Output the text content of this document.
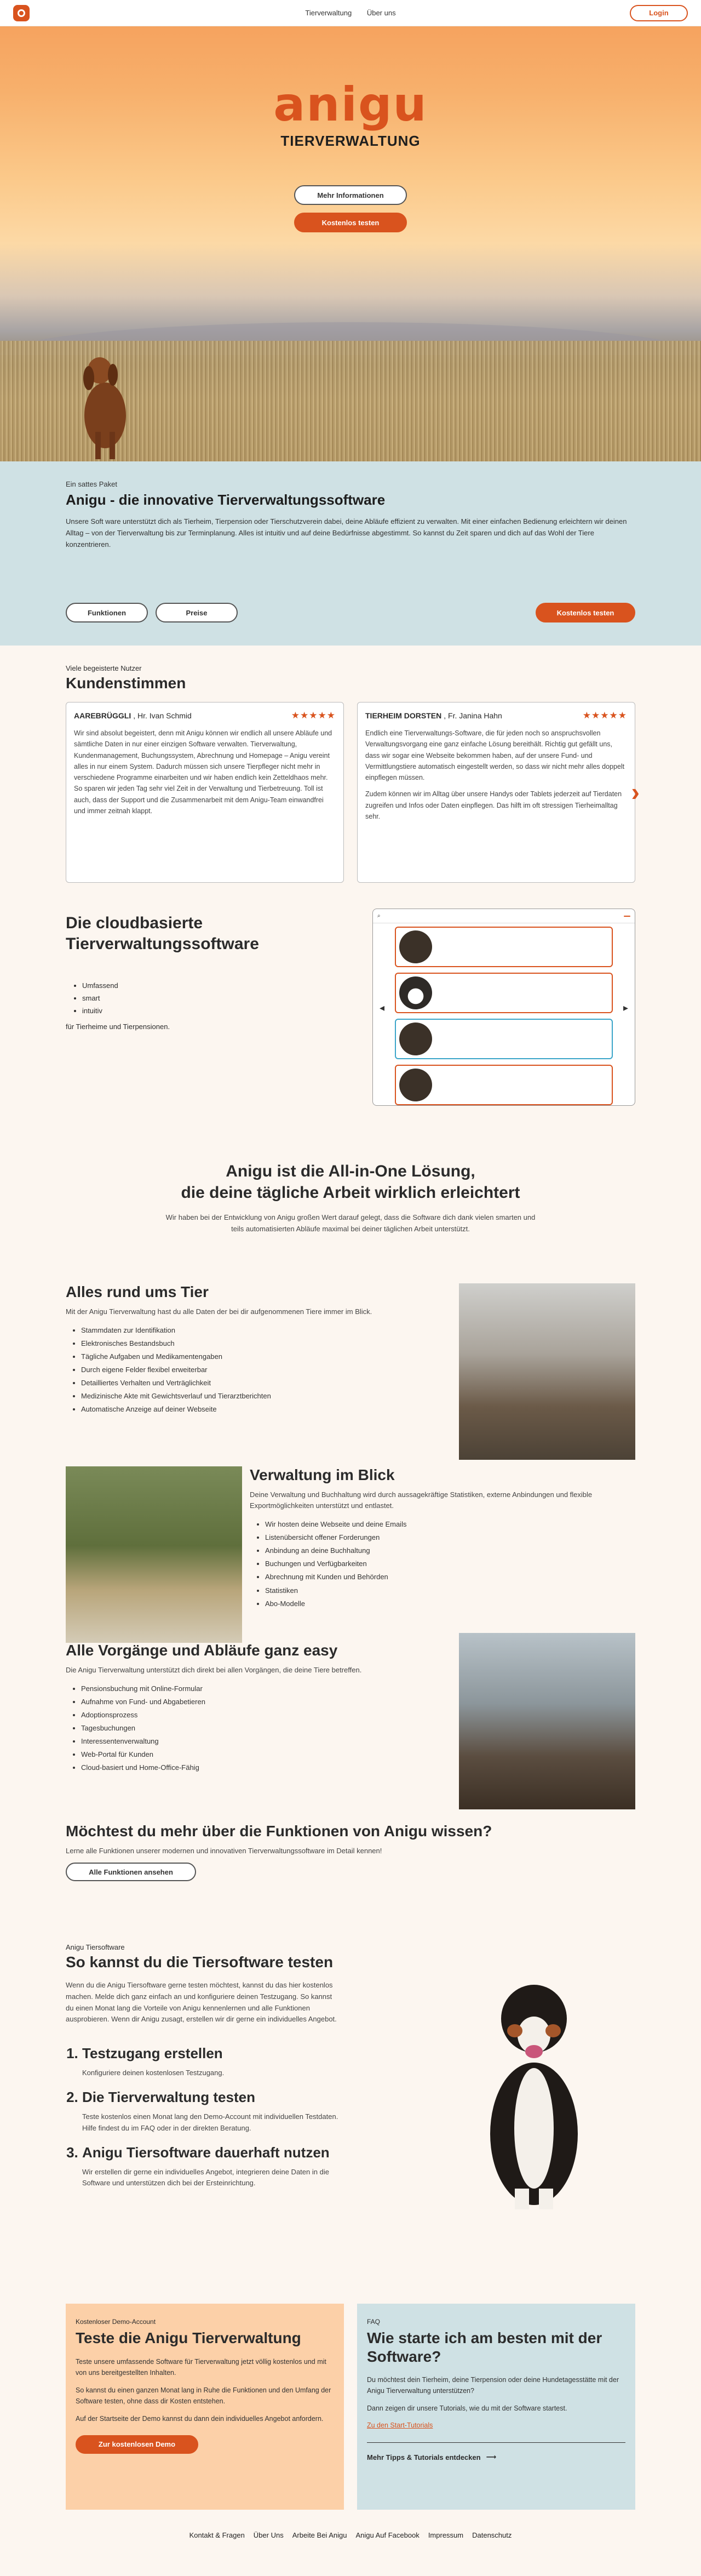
Tierverwaltung Über uns	Login
anigu
TIERVERWALTUNG
Mehr Informationen
Kostenlos testen
Ein sattes Paket
Anigu - die innovative Tierverwaltungssoftware

Unsere Soft ware unterstützt dich als Tierheim, Tierpension oder Tierschutzverein dabei, deine Abläufe effizient zu verwalten. Mit einer einfachen Bedienung erleichtern wir deinen Alltag – von der Tierverwaltung bis zur Terminplanung. Alles ist intuitiv und auf deine Bedürfnisse abgestimmt. So kannst du Zeit sparen und dich auf das Wohl der Tiere konzentrieren.

Funktionen	Preise	Kostenlos testen
Viele begeisterte Nutzer
Kundenstimmen
AAREBRÜGGLI , Hr. Ivan Schmid	★★★★★

Wir sind absolut begeistert, denn mit Anigu können wir endlich all unsere Abläufe und sämtliche Daten in nur einer einzigen Software verwalten. Tierverwaltung, Kundenmanagement, Buchungssystem, Abrechnung und Homepage – Anigu vereint alles in nur einem System. Dadurch müssen sich unsere Tierpfleger nicht mehr in verschiedene Programme einarbeiten und wir haben endlich kein Zetteldhaos mehr. So sparen wir jeden Tag sehr viel Zeit in der Verwaltung und Tierbetreuung. Toll ist auch, dass der Support und die Zusammenarbeit mit dem Anigu-Team einwandfrei und immer zeitnah klappt.

TIERHEIM DORSTEN , Fr. Janina Hahn	★★★★★

Endlich eine Tierverwaltungs-Software, die für jeden noch so anspruchsvollen Verwaltungsvorgang eine ganz einfache Lösung bereithält. Richtig gut gefällt uns, dass wir sogar eine Webseite bekommen haben, auf der unsere Fund- und Vermittlungstiere automatisch eingestellt werden, so dass wir nicht mehr alles doppelt einpflegen müssen.

Zudem können wir im Alltag über unsere Handys oder Tablets jederzeit auf Tierdaten zugreifen und Infos oder Daten einpflegen. Das hilft im oft stressigen Tierheimalltag sehr.

›
Die cloudbasierte Tierverwaltungssoftware
• Umfassend
• smart
• intuitiv
für Tierheime und Tierpensionen.
⌕
◂	▸
Anigu ist die All-in-One Lösung,
die deine tägliche Arbeit wirklich erleichtert

Wir haben bei der Entwicklung von Anigu großen Wert darauf gelegt, dass die Software dich dank vielen smarten und teils automatisierten Abläufe maximal bei deiner täglichen Arbeit unterstützt.

Alles rund ums Tier

Mit der Anigu Tierverwaltung hast du alle Daten der bei dir aufgenommenen Tiere immer im Blick.

• Stammdaten zur Identifikation
• Elektronisches Bestandsbuch
• Tägliche Aufgaben und Medikamentengaben
• Durch eigene Felder flexibel erweiterbar
• Detailliertes Verhalten und Verträglichkeit
• Medizinische Akte mit Gewichtsverlauf und Tierarztberichten
• Automatische Anzeige auf deiner Webseite
Verwaltung im Blick

Deine Verwaltung und Buchhaltung wird durch aussagekräftige Statistiken, externe Anbindungen und flexible Exportmöglichkeiten unterstützt und entlastet.

• Wir hosten deine Webseite und deine Emails
• Listenübersicht offener Forderungen
• Anbindung an deine Buchhaltung
• Buchungen und Verfügbarkeiten
• Abrechnung mit Kunden und Behörden
• Statistiken
• Abo-Modelle
Alle Vorgänge und Abläufe ganz easy

Die Anigu Tierverwaltung unterstützt dich direkt bei allen Vorgängen, die deine Tiere betreffen.

• Pensionsbuchung mit Online-Formular
• Aufnahme von Fund- und Abgabetieren
• Adoptionsprozess
• Tagesbuchungen
• Interessentenverwaltung
• Web-Portal für Kunden
• Cloud-basiert und Home-Office-Fähig
Möchtest du mehr über die Funktionen von Anigu wissen?

Lerne alle Funktionen unserer modernen und innovativen Tierverwaltungssoftware im Detail kennen!

Alle Funktionen ansehen
Anigu Tiersoftware
So kannst du die Tiersoftware testen
Wenn du die Anigu Tiersoftware gerne testen möchtest, kannst du das hier kostenlos machen. Melde dich ganz einfach an und konfiguriere deinen Testzugang. So kannst du einen Monat lang die Vorteile von Anigu kennenlernen und alle Funktionen ausprobieren. Wenn dir Anigu zusagt, erstellen wir dir gerne ein individuelles Angebot.
1. Testzugang erstellen

Konfiguriere deinen kostenlosen Testzugang.

2. Die Tierverwaltung testen

Teste kostenlos einen Monat lang den Demo-Account mit individuellen Testdaten. Hilfe findest du im FAQ oder in der direkten Beratung.

3. Anigu Tiersoftware dauerhaft nutzen

Wir erstellen dir gerne ein individuelles Angebot, integrieren deine Daten in die Software und unterstützen dich bei der Ersteinrichtung.

Kostenloser Demo-Account
Teste die Anigu Tierverwaltung

Teste unsere umfassende Software für Tierverwaltung jetzt völlig kostenlos und mit von uns bereitgestellten Inhalten.

So kannst du einen ganzen Monat lang in Ruhe die Funktionen und den Umfang der Software testen, ohne dass dir Kosten entstehen.

Auf der Startseite der Demo kannst du dann dein individuelles Angebot anfordern.

Zur kostenlosen Demo
FAQ
Wie starte ich am besten mit der Software?

Du möchtest dein Tierheim, deine Tierpension oder deine Hundetagesstätte mit der Anigu Tierverwaltung unterstützen?

Dann zeigen dir unsere Tutorials, wie du mit der Software startest.

Zu den Start-Tutorials
Mehr Tipps & Tutorials entdecken ⟶
Kontakt & Fragen Über Uns Arbeite Bei Anigu Anigu Auf Facebook Impressum Datenschutz
